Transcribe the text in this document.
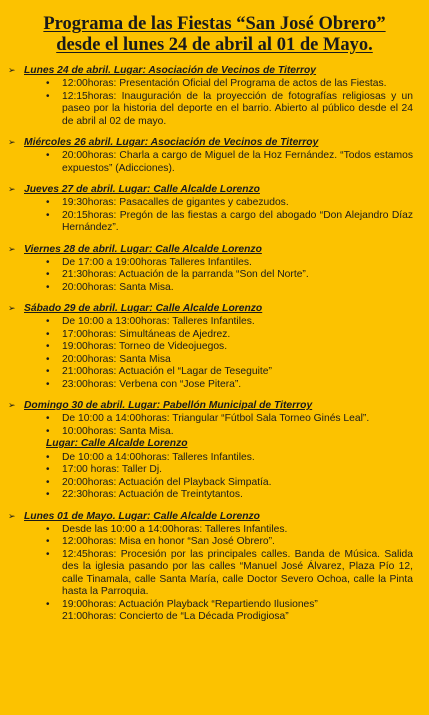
Programa de las Fiestas “San José Obrero”
desde el lunes 24 de abril al 01 de Mayo.
➢ Lunes 24 de abril. Lugar: Asociación de Vecinos de Titerroy
• 12:00horas: Presentación Oficial del Programa de actos de las Fiestas.
• 12:15horas: Inauguración de la proyección de fotografías religiosas y un paseo por la historia del deporte en el barrio. Abierto al público desde el 24 de abril al 02 de mayo.
➢ Miércoles 26 abril. Lugar: Asociación de Vecinos de Titerroy
• 20:00horas: Charla a cargo de Miguel de la Hoz Fernández. “Todos estamos expuestos” (Adicciones).
➢ Jueves 27 de abril. Lugar: Calle Alcalde Lorenzo
• 19:30horas: Pasacalles de gigantes y cabezudos.
• 20:15horas: Pregón de las fiestas a cargo del abogado “Don Alejandro Díaz Hernández”.
➢ Viernes 28 de abril. Lugar: Calle Alcalde Lorenzo
• De 17:00 a 19:00horas Talleres Infantiles.
• 21:30horas: Actuación de la parranda “Son del Norte”.
• 20:00horas: Santa Misa.
➢ Sábado 29 de abril. Lugar: Calle Alcalde Lorenzo
• De 10:00 a 13:00horas: Talleres Infantiles.
• 17:00horas: Simultáneas de Ajedrez.
• 19:00horas: Torneo de Videojuegos.
• 20:00horas: Santa Misa
• 21:00horas: Actuación el “Lagar de Teseguite”
• 23:00horas: Verbena con “Jose Pitera”.
➢ Domingo 30 de abril. Lugar: Pabellón Municipal de Titerroy
• De 10:00 a 14:00horas: Triangular “Fútbol Sala Torneo Ginés Leal”.
• 10:00horas: Santa Misa.
Lugar: Calle Alcalde Lorenzo
• De 10:00 a 14:00horas: Talleres Infantiles.
• 17:00 horas: Taller Dj.
• 20:00horas: Actuación del Playback Simpatía.
• 22:30horas: Actuación de Treintytantos.
➢ Lunes 01 de Mayo. Lugar: Calle Alcalde Lorenzo
• Desde las 10:00 a 14:00horas: Talleres Infantiles.
• 12:00horas: Misa en honor “San José Obrero”.
• 12:45horas: Procesión por las principales calles. Banda de Música. Salida des la iglesia pasando por las calles “Manuel José Álvarez, Plaza Pío 12, calle Tinamala, calle Santa María, calle Doctor Severo Ochoa, calle la Pinta hasta la Parroquia.
• 19:00horas: Actuación Playback “Repartiendo Ilusiones”
21:00horas: Concierto de “La Década Prodigiosa”
